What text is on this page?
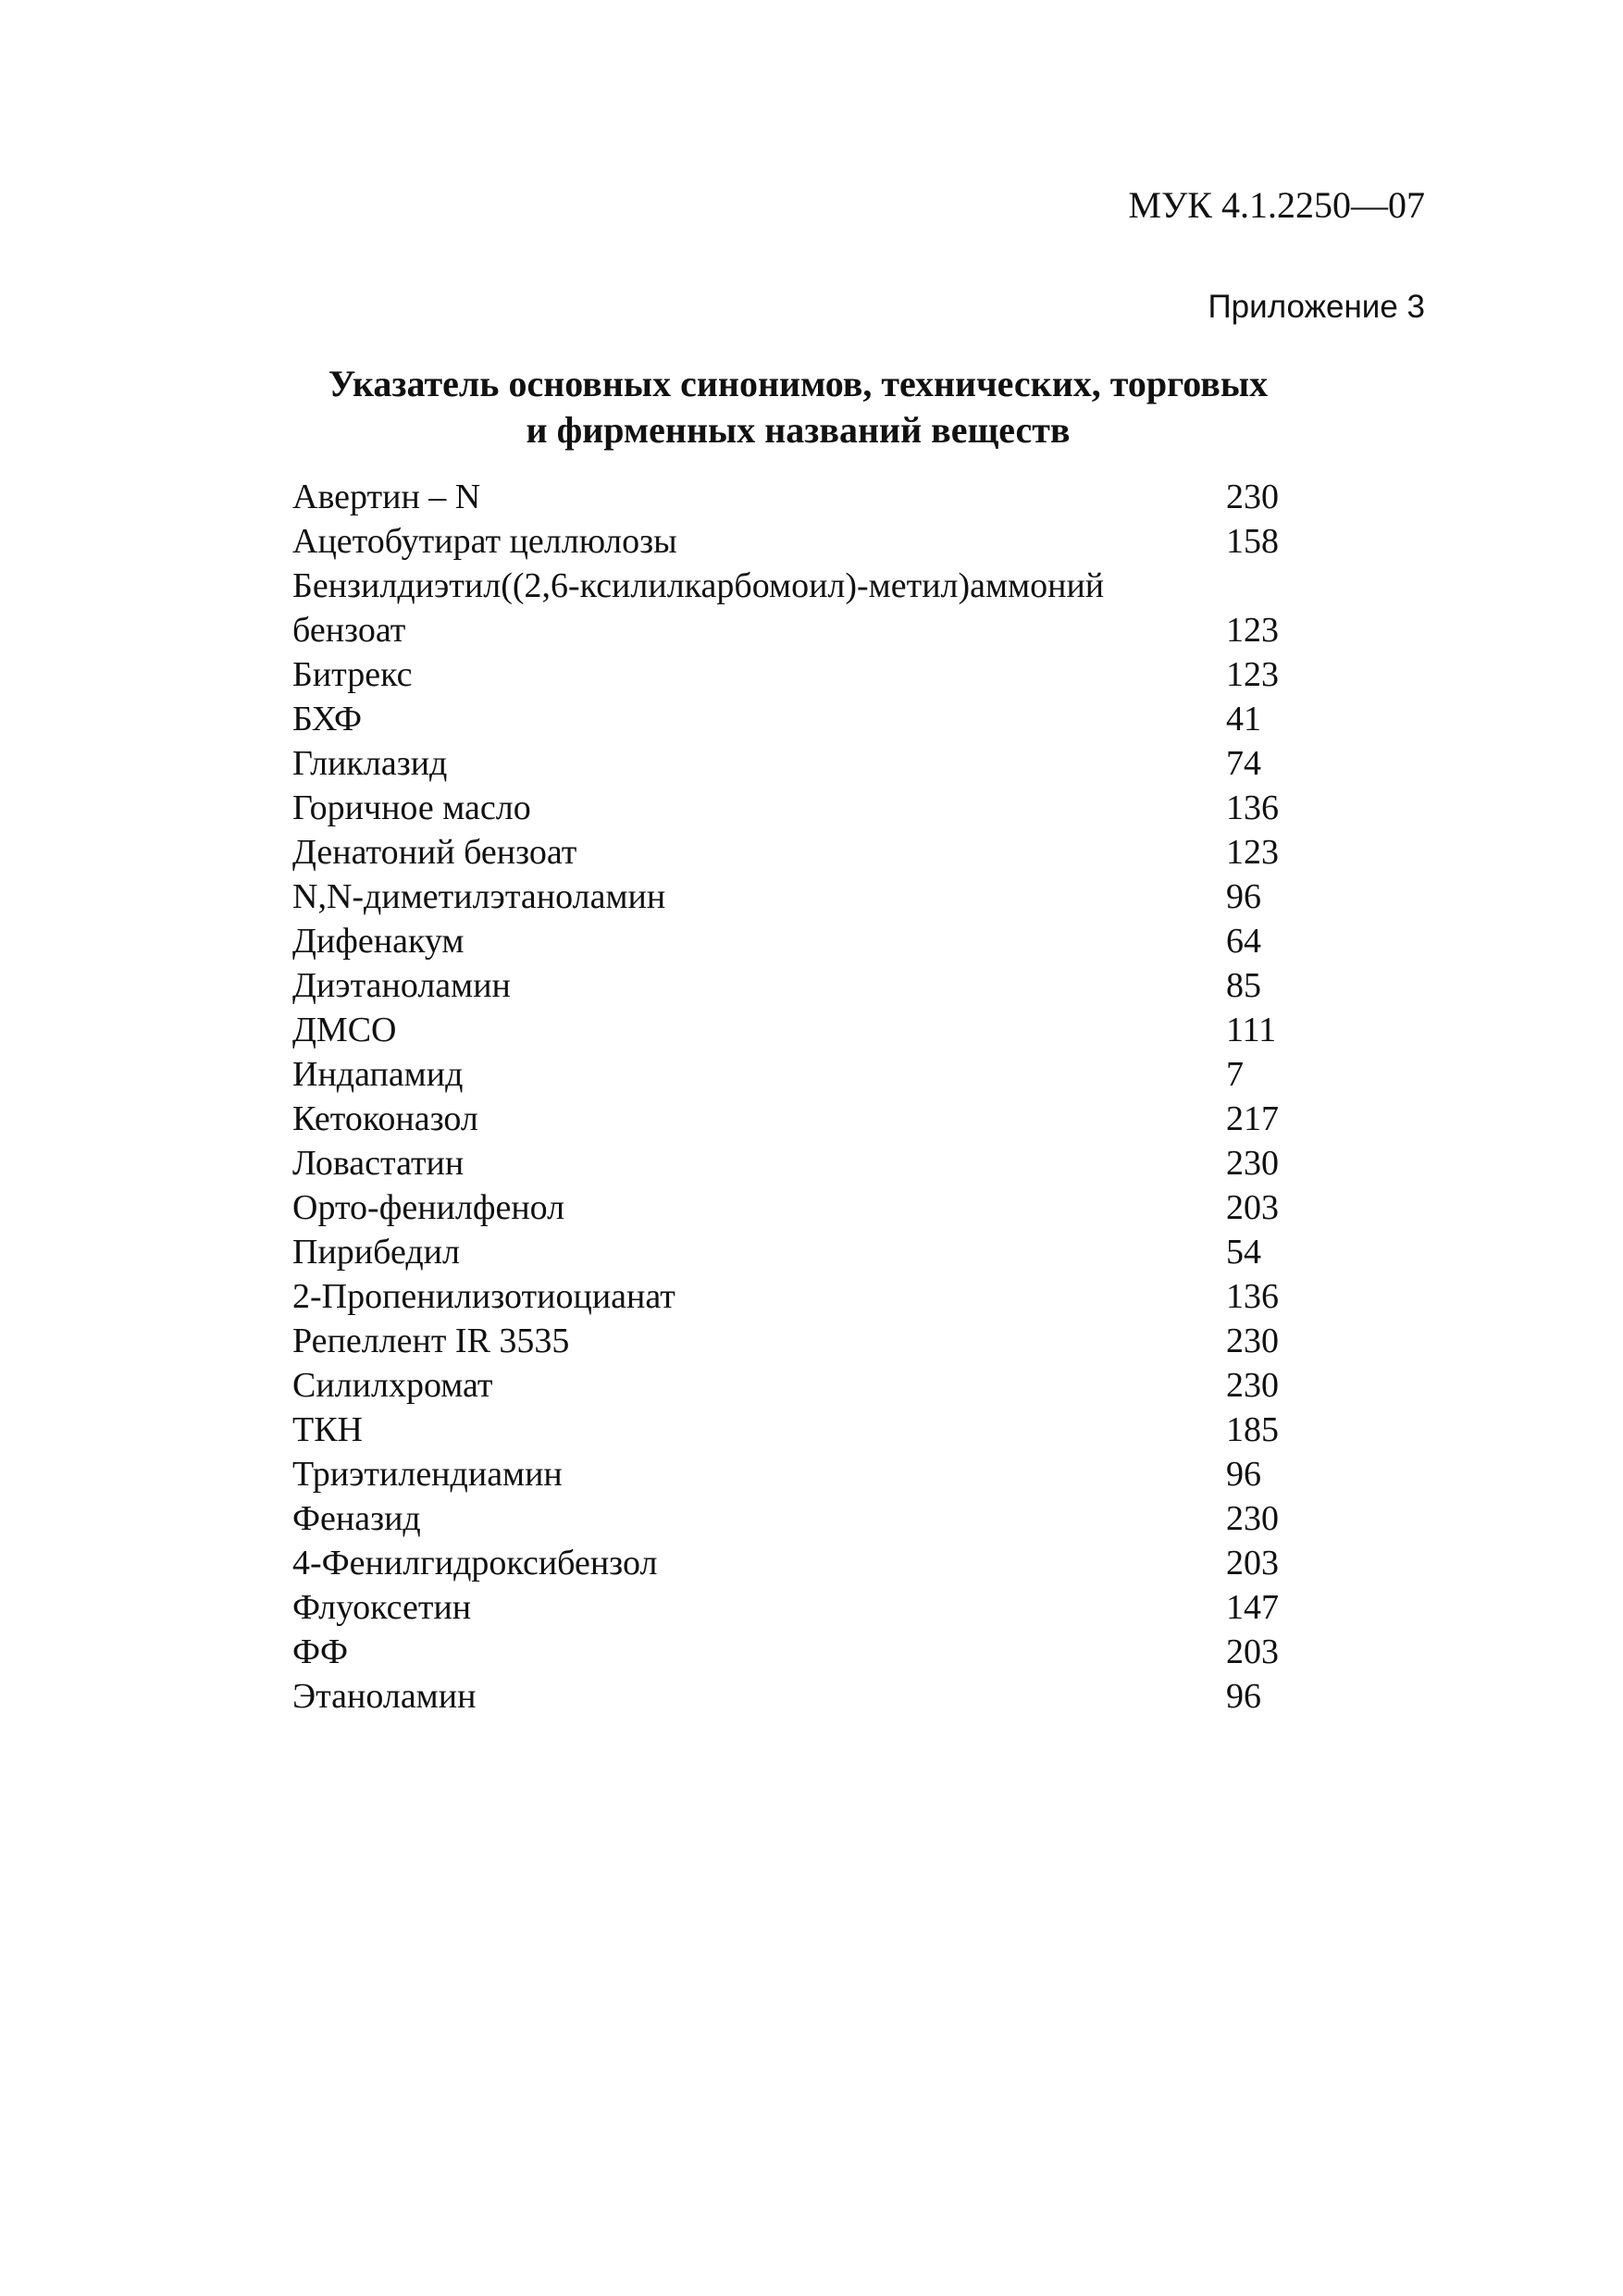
МУК 4.1.2250—07
Приложение 3
Указатель основных синонимов, технических, торговых
и фирменных названий веществ
Авертин – N	230
Ацетобутират целлюлозы	158
Бензилдиэтил((2,6-ксилилкарбомоил)-метил)аммоний бензоат	123
Битрекс	123
БХФ	41
Гликлазид	74
Горичное масло	136
Денатоний бензоат	123
N,N-диметилэтаноламин	96
Дифенакум	64
Диэтаноламин	85
ДМСО	111
Индапамид	7
Кетоконазол	217
Ловастатин	230
Орто-фенилфенол	203
Пирибедил	54
2-Пропенилизотиоцианат	136
Репеллент IR 3535	230
Силилхромат	230
ТКН	185
Триэтилендиамин	96
Феназид	230
4-Фенилгидроксибензол	203
Флуоксетин	147
ФФ	203
Этаноламин	96
